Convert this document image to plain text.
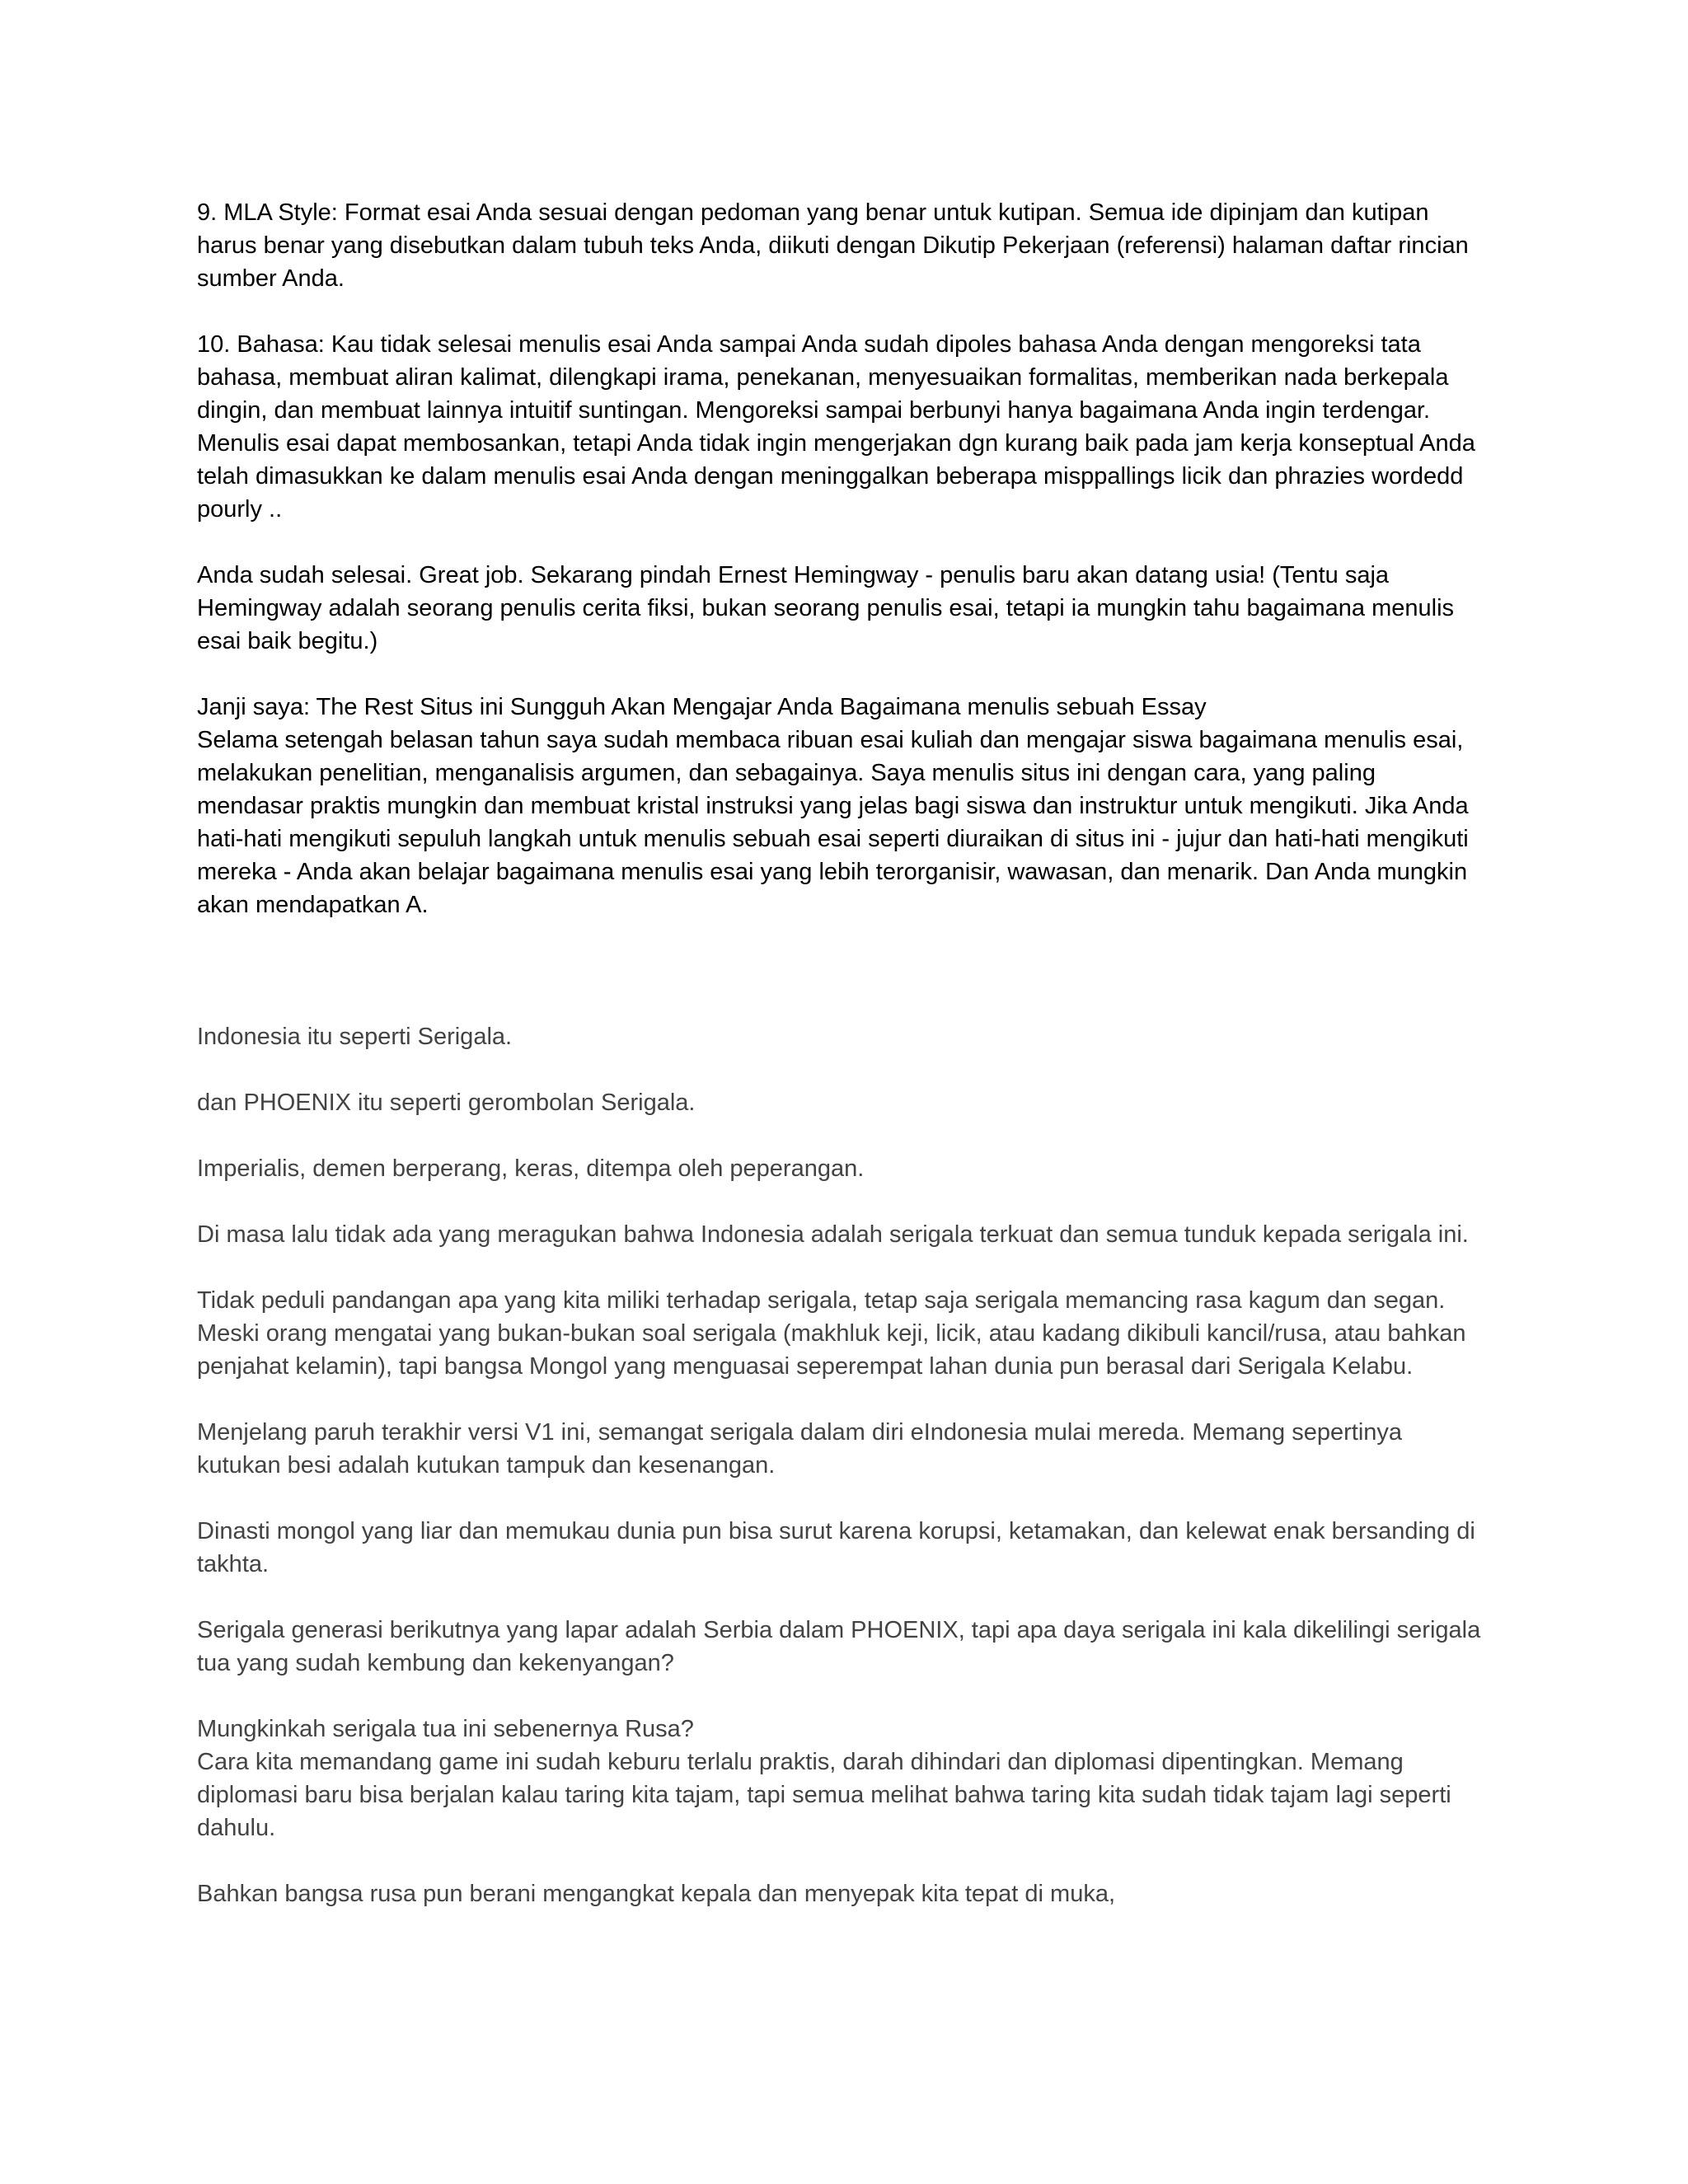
9. MLA Style: Format esai Anda sesuai dengan pedoman yang benar untuk kutipan. Semua ide dipinjam dan kutipan harus benar yang disebutkan dalam tubuh teks Anda, diikuti dengan Dikutip Pekerjaan (referensi) halaman daftar rincian sumber Anda.

10. Bahasa: Kau tidak selesai menulis esai Anda sampai Anda sudah dipoles bahasa Anda dengan mengoreksi tata bahasa, membuat aliran kalimat, dilengkapi irama, penekanan, menyesuaikan formalitas, memberikan nada berkepala dingin, dan membuat lainnya intuitif suntingan. Mengoreksi sampai berbunyi hanya bagaimana Anda ingin terdengar. Menulis esai dapat membosankan, tetapi Anda tidak ingin mengerjakan dgn kurang baik pada jam kerja konseptual Anda telah dimasukkan ke dalam menulis esai Anda dengan meninggalkan beberapa misppallings licik dan phrazies wordedd pourly ..

Anda sudah selesai. Great job. Sekarang pindah Ernest Hemingway - penulis baru akan datang usia! (Tentu saja Hemingway adalah seorang penulis cerita fiksi, bukan seorang penulis esai, tetapi ia mungkin tahu bagaimana menulis esai baik begitu.)

Janji saya: The Rest Situs ini Sungguh Akan Mengajar Anda Bagaimana menulis sebuah Essay
Selama setengah belasan tahun saya sudah membaca ribuan esai kuliah dan mengajar siswa bagaimana menulis esai, melakukan penelitian, menganalisis argumen, dan sebagainya. Saya menulis situs ini dengan cara, yang paling mendasar praktis mungkin dan membuat kristal instruksi yang jelas bagi siswa dan instruktur untuk mengikuti. Jika Anda hati-hati mengikuti sepuluh langkah untuk menulis sebuah esai seperti diuraikan di situs ini - jujur dan hati-hati mengikuti mereka - Anda akan belajar bagaimana menulis esai yang lebih terorganisir, wawasan, dan menarik. Dan Anda mungkin akan mendapatkan A.

Indonesia itu seperti Serigala.

dan PHOENIX itu seperti gerombolan Serigala.

Imperialis, demen berperang, keras, ditempa oleh peperangan.

Di masa lalu tidak ada yang meragukan bahwa Indonesia adalah serigala terkuat dan semua tunduk kepada serigala ini.

Tidak peduli pandangan apa yang kita miliki terhadap serigala, tetap saja serigala memancing rasa kagum dan segan. Meski orang mengatai yang bukan-bukan soal serigala (makhluk keji, licik, atau kadang dikibuli kancil/rusa, atau bahkan penjahat kelamin), tapi bangsa Mongol yang menguasai seperempat lahan dunia pun berasal dari Serigala Kelabu.

Menjelang paruh terakhir versi V1 ini, semangat serigala dalam diri eIndonesia mulai mereda. Memang sepertinya kutukan besi adalah kutukan tampuk dan kesenangan.

Dinasti mongol yang liar dan memukau dunia pun bisa surut karena korupsi, ketamakan, dan kelewat enak bersanding di takhta.

Serigala generasi berikutnya yang lapar adalah Serbia dalam PHOENIX, tapi apa daya serigala ini kala dikelilingi serigala tua yang sudah kembung dan kekenyangan?

Mungkinkah serigala tua ini sebenernya Rusa?
Cara kita memandang game ini sudah keburu terlalu praktis, darah dihindari dan diplomasi dipentingkan. Memang diplomasi baru bisa berjalan kalau taring kita tajam, tapi semua melihat bahwa taring kita sudah tidak tajam lagi seperti dahulu.

Bahkan bangsa rusa pun berani mengangkat kepala dan menyepak kita tepat di muka,
